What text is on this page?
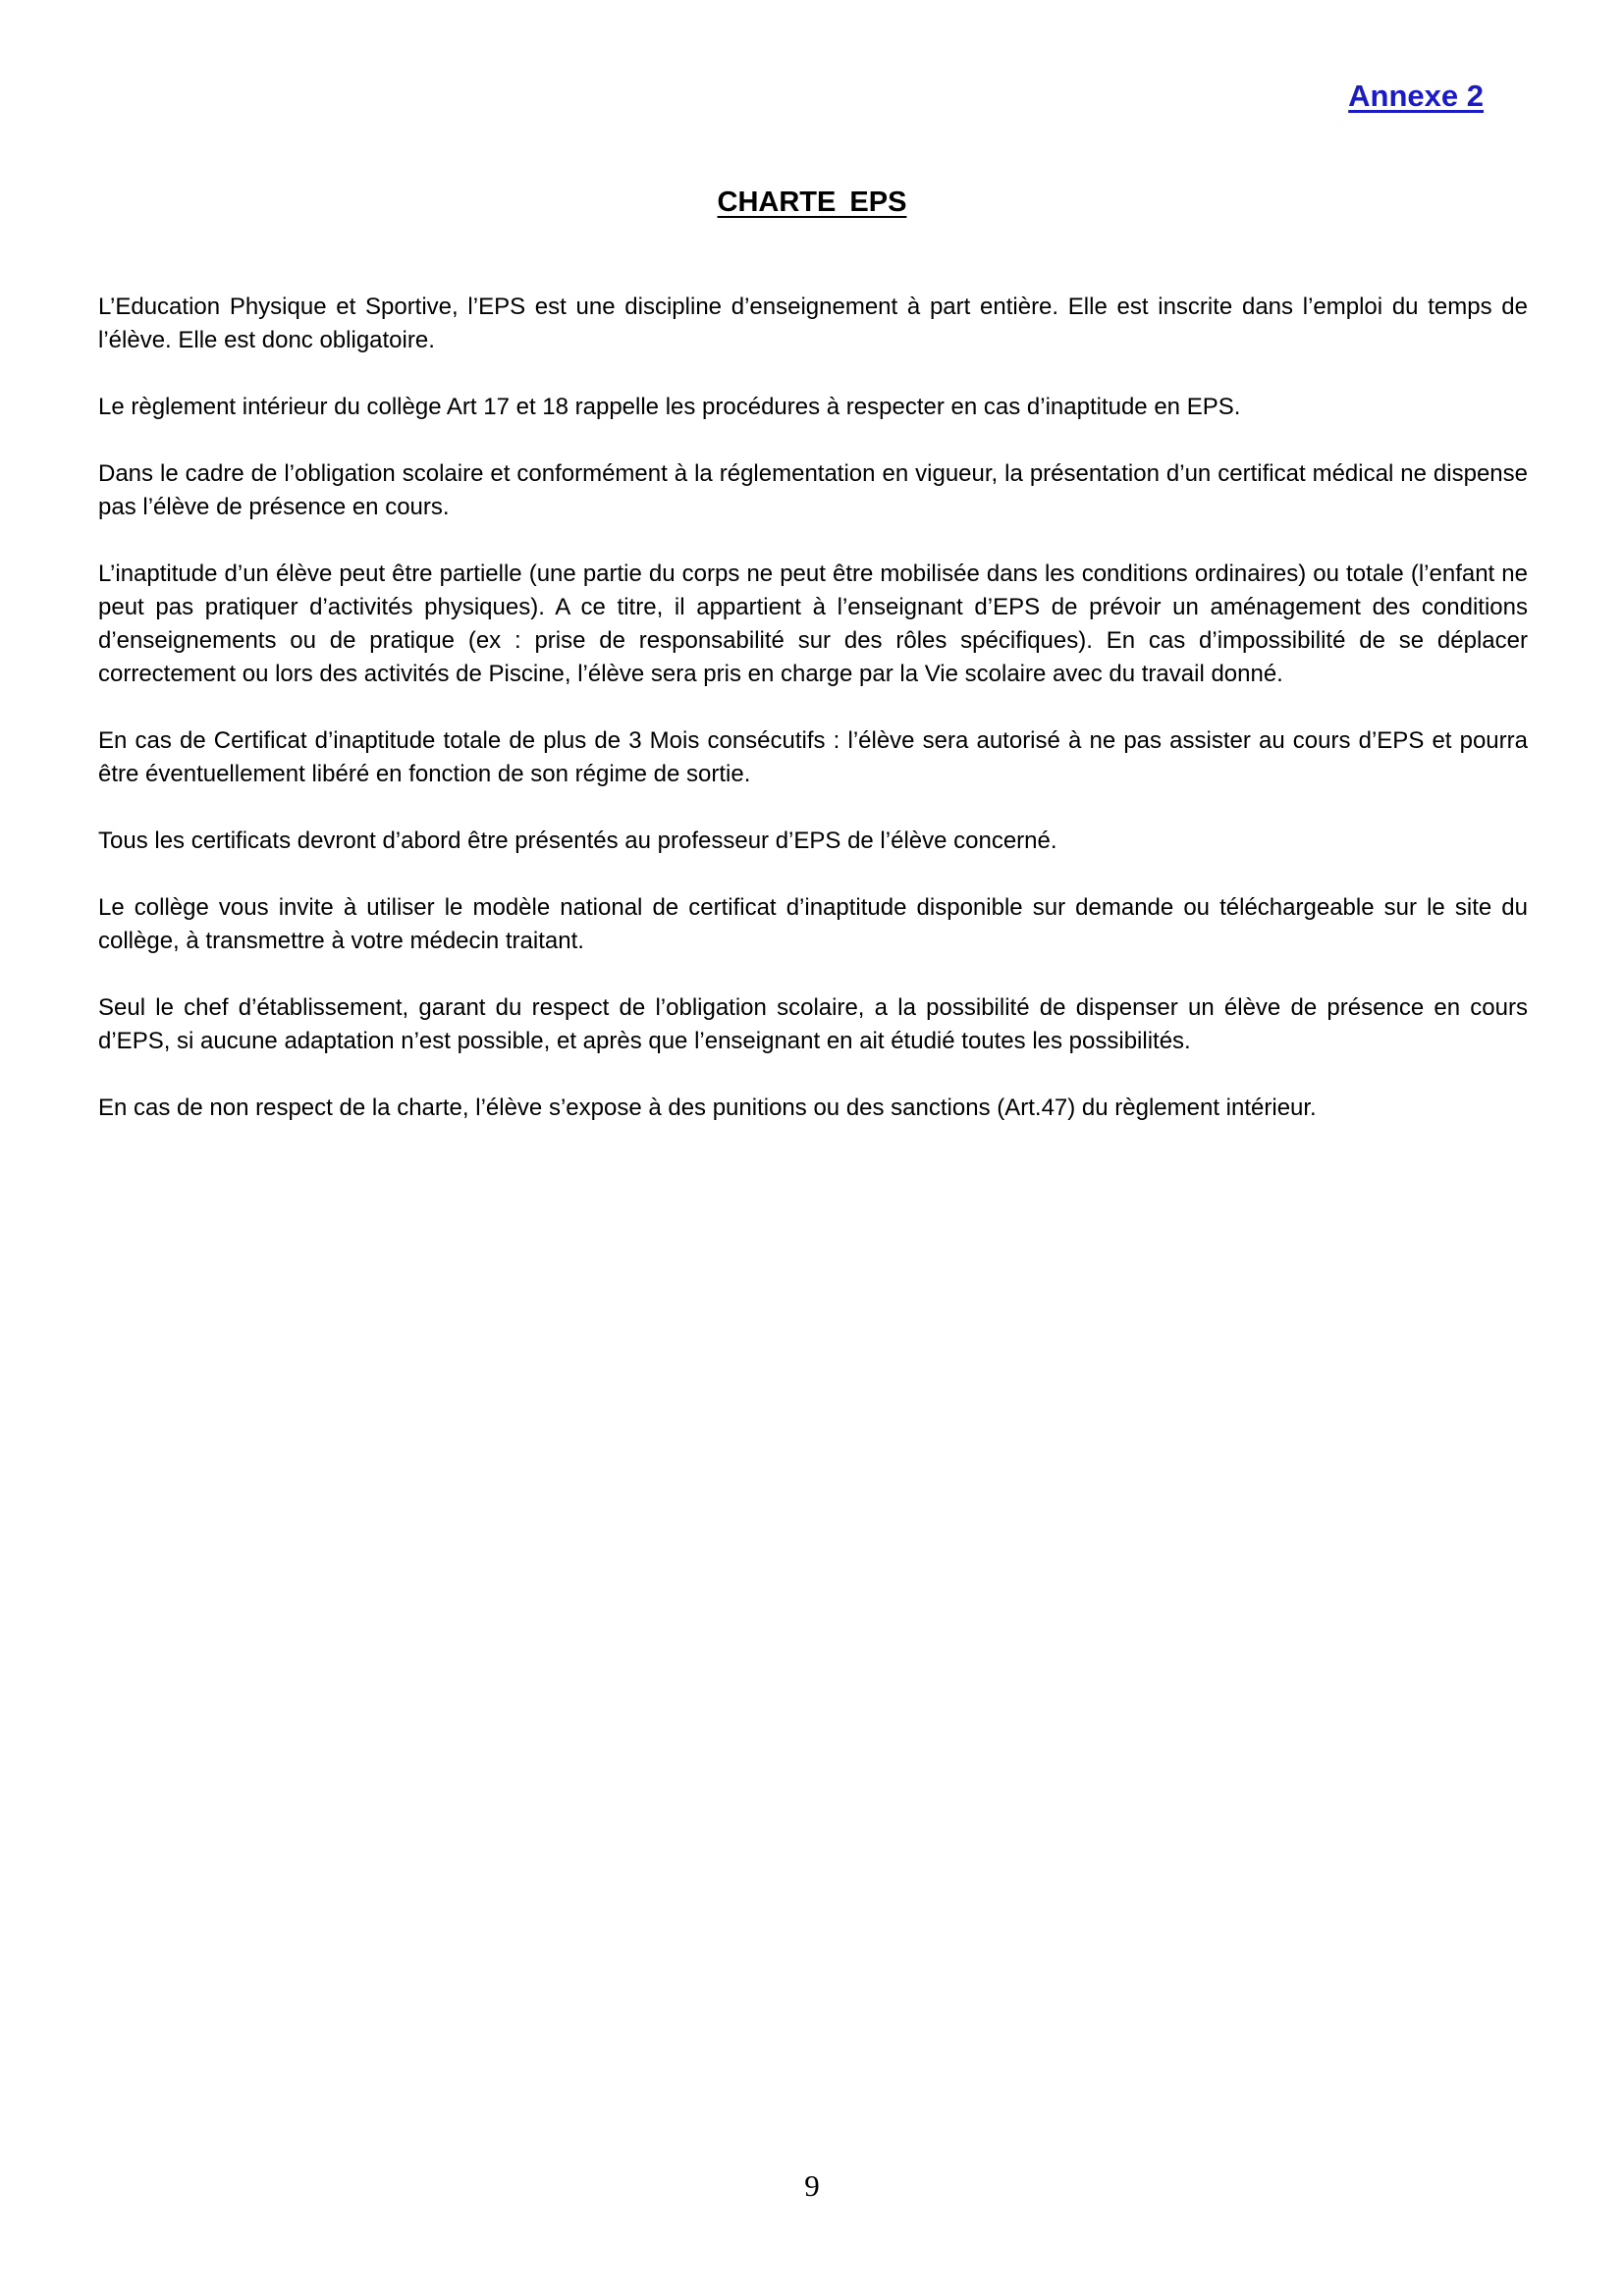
Annexe 2

CHARTE EPS

L’Education Physique et Sportive, l’EPS est une discipline d’enseignement à part entière. Elle est inscrite dans l’emploi du temps de l’élève. Elle est donc obligatoire.

Le règlement intérieur du collège Art 17 et 18 rappelle les procédures à respecter en cas d’inaptitude en EPS.

Dans le cadre de l’obligation scolaire et conformément à la réglementation en vigueur, la présentation d’un certificat médical ne dispense pas l’élève de présence en cours.

L’inaptitude d’un élève peut être partielle (une partie du corps ne peut être mobilisée dans les conditions ordinaires) ou totale (l’enfant ne peut pas pratiquer d’activités physiques). A ce titre, il appartient à l’enseignant d’EPS de prévoir un aménagement des conditions d’enseignements ou de pratique (ex : prise de responsabilité sur des rôles spécifiques). En cas d’impossibilité de se déplacer correctement ou lors des activités de Piscine, l’élève sera pris en charge par la Vie scolaire avec du travail donné.

En cas de Certificat d’inaptitude totale de plus de 3 Mois consécutifs : l’élève sera autorisé à ne pas assister au cours d’EPS et pourra être éventuellement libéré en fonction de son régime de sortie.

Tous les certificats devront d’abord être présentés au professeur d’EPS de l’élève concerné.

Le collège vous invite à utiliser le modèle national de certificat d’inaptitude disponible sur demande ou téléchargeable sur le site du collège, à transmettre à votre médecin traitant.

Seul le chef d’établissement, garant du respect de l’obligation scolaire, a la possibilité de dispenser un élève de présence en cours d’EPS, si aucune adaptation n’est possible, et après que l’enseignant en ait étudié toutes les possibilités.

En cas de non respect de la charte, l’élève s’expose à des punitions ou des sanctions (Art.47) du règlement intérieur.

9
